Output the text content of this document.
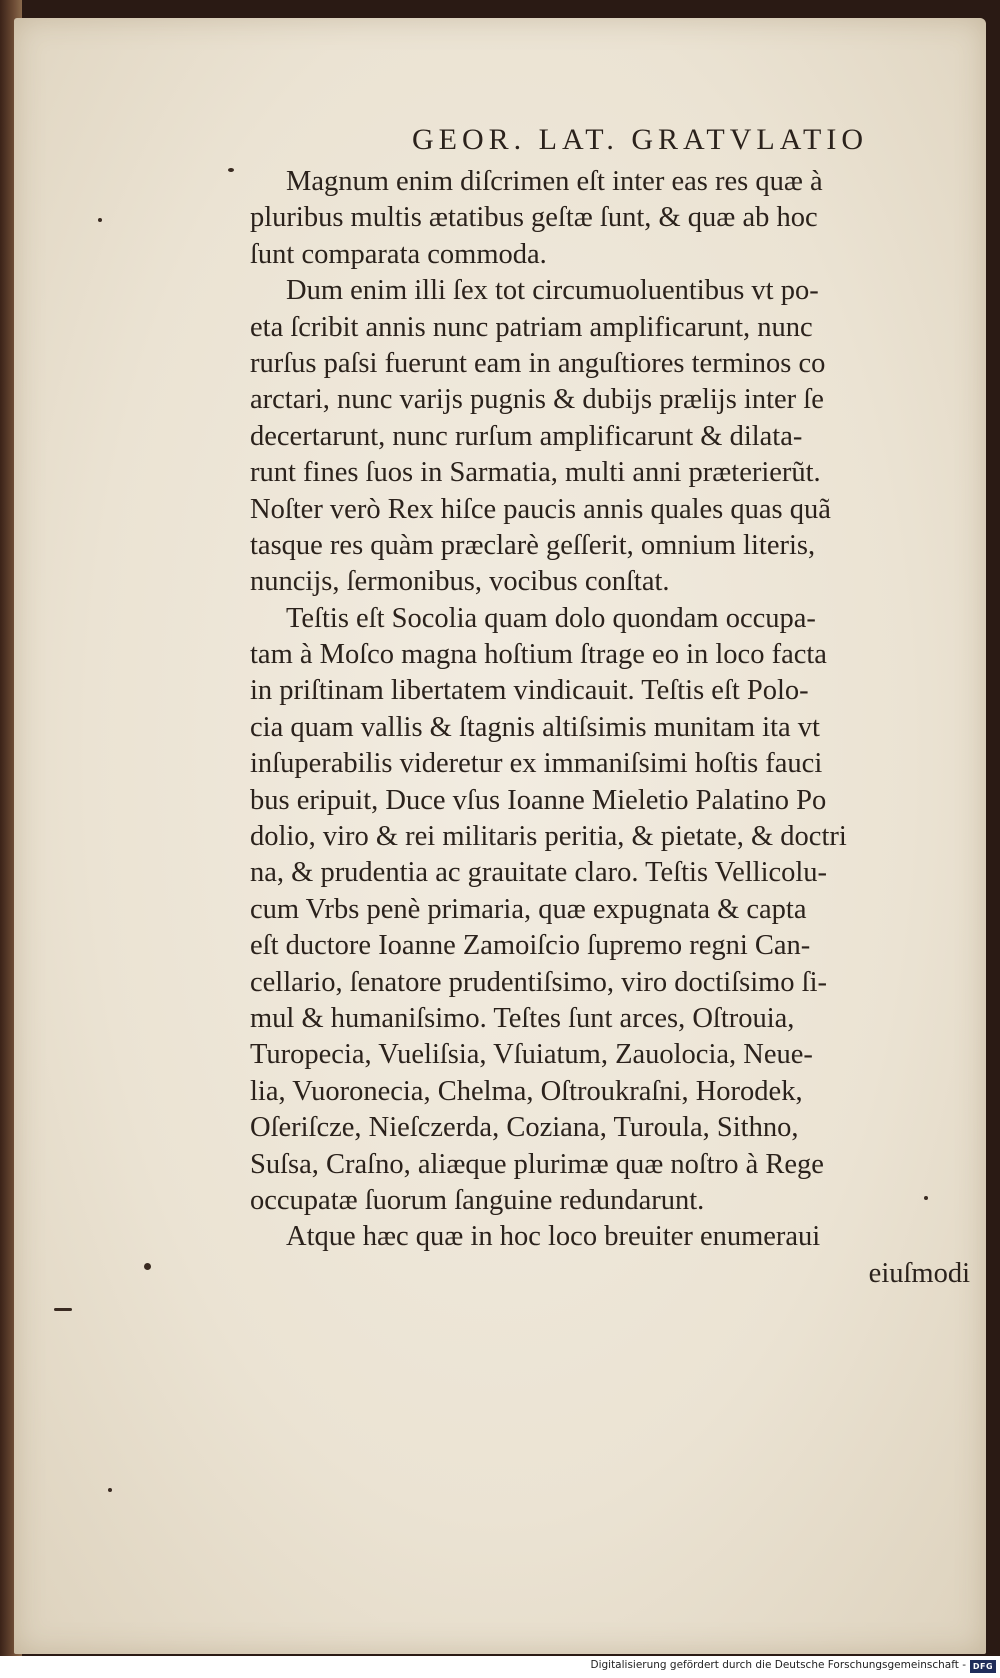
GEOR. LAT. GRATVLATIO
Magnum enim diſcrimen eſt inter eas res quæ à
pluribus multis ætatibus geſtæ ſunt, & quæ ab hoc
ſunt comparata commoda.
Dum enim illi ſex tot circumuoluentibus vt po-
eta ſcribit annis nunc patriam amplificarunt, nunc
rurſus paſsi fuerunt eam in anguſtiores terminos co
arctari, nunc varijs pugnis & dubijs prælijs inter ſe
decertarunt, nunc rurſum amplificarunt & dilata-
runt fines ſuos in Sarmatia, multi anni præterierũt.
Noſter verò Rex hiſce paucis annis quales quas quã
tasque res quàm præclarè geſſerit, omnium literis,
nuncijs, ſermonibus, vocibus conſtat.
Teſtis eſt Socolia quam dolo quondam occupa-
tam à Moſco magna hoſtium ſtrage eo in loco facta
in priſtinam libertatem vindicauit. Teſtis eſt Polo-
cia quam vallis & ſtagnis altiſsimis munitam ita vt
inſuperabilis videretur ex immaniſsimi hoſtis fauci
bus eripuit, Duce vſus Ioanne Mieletio Palatino Po
dolio, viro & rei militaris peritia, & pietate, & doctri
na, & prudentia ac grauitate claro. Teſtis Vellicolu-
cum Vrbs penè primaria, quæ expugnata & capta
eſt ductore Ioanne Zamoiſcio ſupremo regni Can-
cellario, ſenatore prudentiſsimo, viro doctiſsimo ſi-
mul & humaniſsimo. Teſtes ſunt arces, Oſtrouia,
Turopecia, Vueliſsia, Vſuiatum, Zauolocia, Neue-
lia, Vuoronecia, Chelma, Oſtroukraſni, Horodek,
Oſeriſcze, Nieſczerda, Coziana, Turoula, Sithno,
Suſsa, Craſno, aliæque plurimæ quæ noſtro à Rege
occupatæ ſuorum ſanguine redundarunt.
Atque hæc quæ in hoc loco breuiter enumeraui
eiuſmodi
Digitalisierung gefördert durch die Deutsche Forschungsgemeinschaft - DFG
